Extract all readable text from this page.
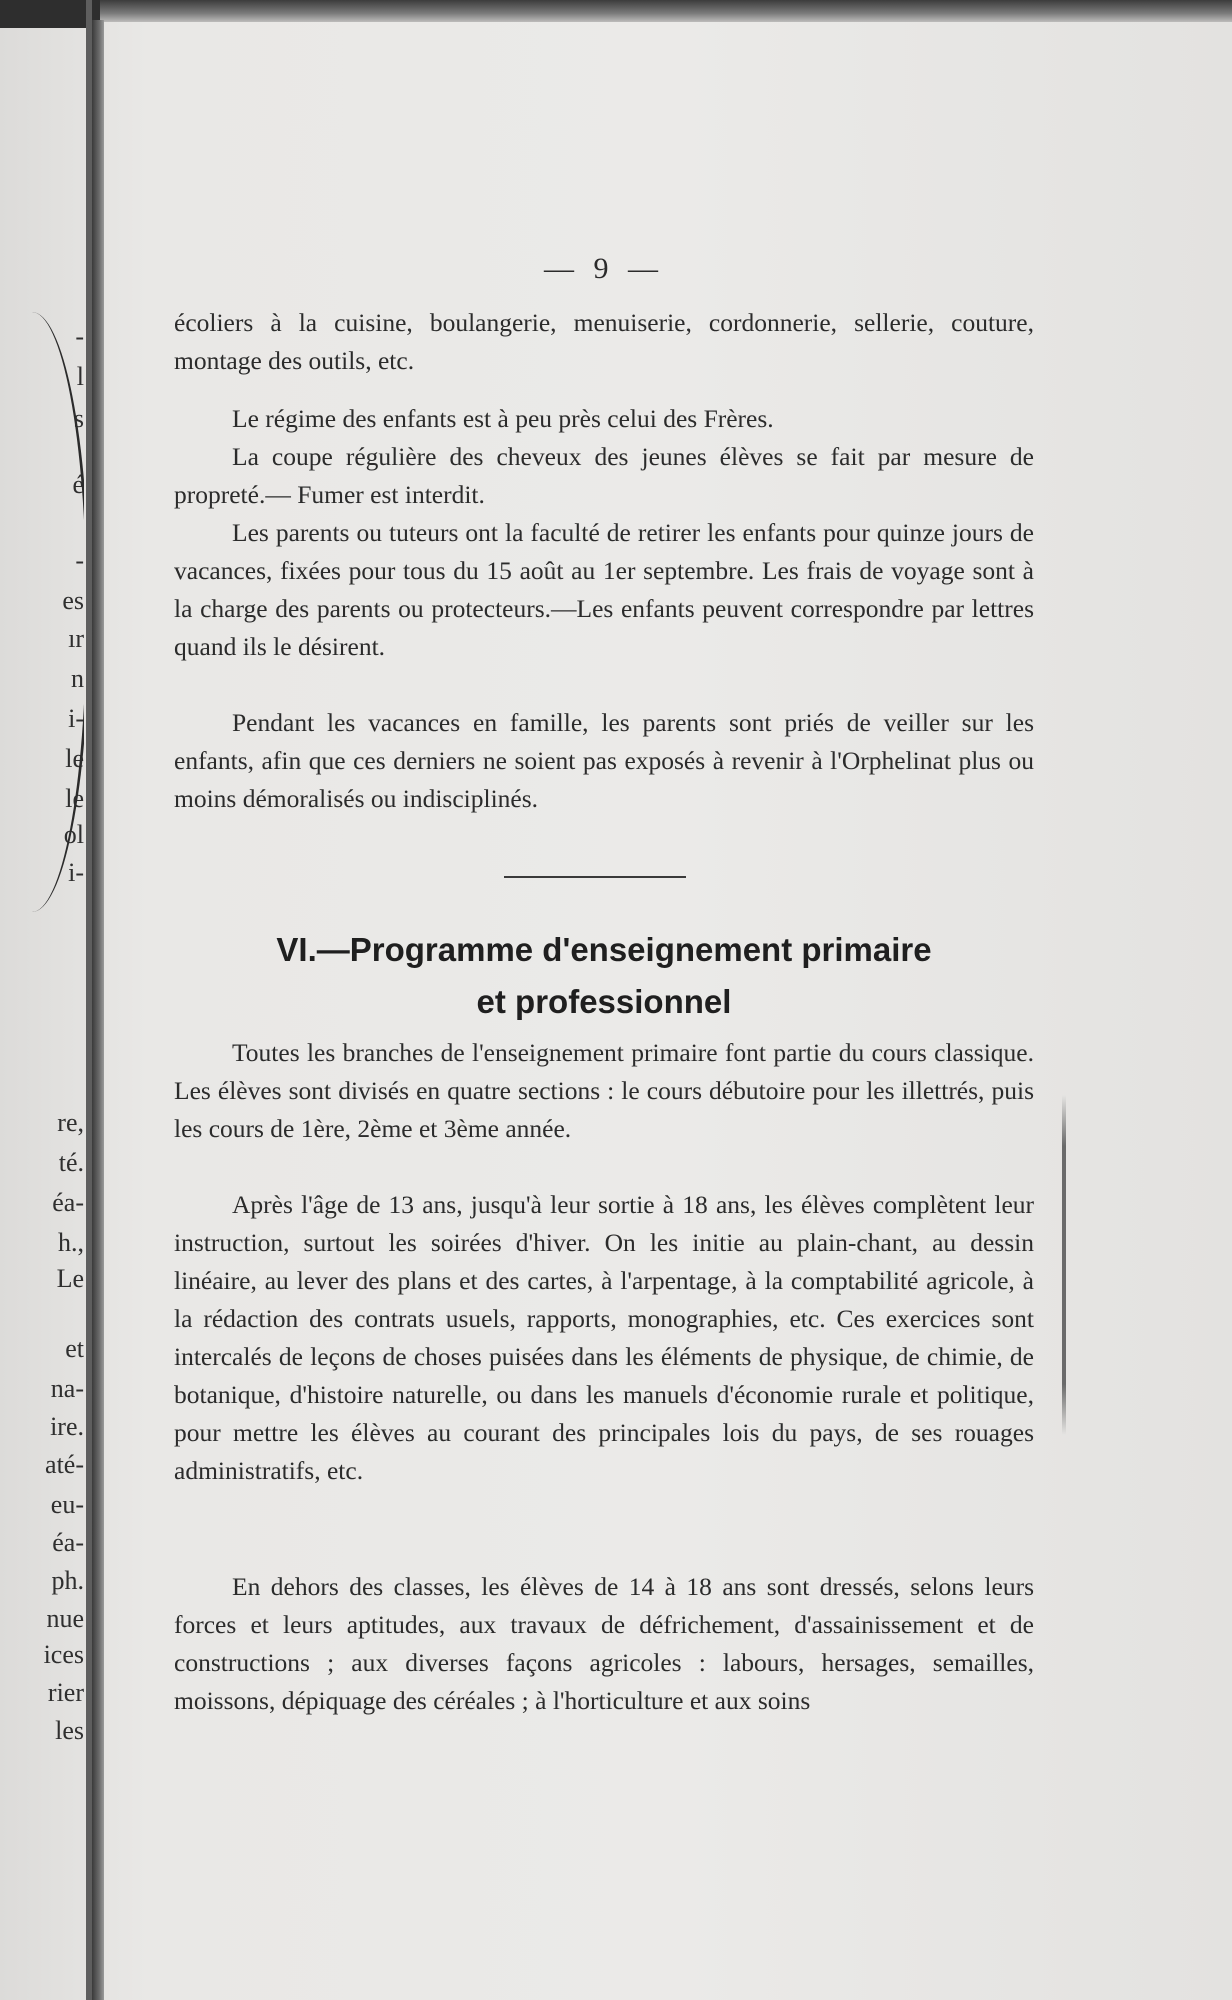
-
l
s
é
-
es
ır
n
i-
le
le
ol
i-
re,
té.
éa-
h.,
Le
et
na-
ire.
até-
eu-
éa-
ph.
nue
ices
rier
les
— 9 —

écoliers à la cuisine, boulangerie, menuiserie, cordonnerie, sellerie, couture, montage des outils, etc.

Le régime des enfants est à peu près celui des Frères.

La coupe régulière des cheveux des jeunes élèves se fait par mesure de propreté.— Fumer est interdit.

Les parents ou tuteurs ont la faculté de retirer les enfants pour quinze jours de vacances, fixées pour tous du 15 août au 1er septembre. Les frais de voyage sont à la charge des parents ou protecteurs.—Les enfants peuvent correspondre par lettres quand ils le désirent.

Pendant les vacances en famille, les parents sont priés de veiller sur les enfants, afin que ces derniers ne soient pas exposés à revenir à l'Orphelinat plus ou moins démoralisés ou indisciplinés.

VI.—Programme d'enseignement primaire
et professionnel

Toutes les branches de l'enseignement primaire font partie du cours classique. Les élèves sont divisés en quatre sections : le cours débutoire pour les illettrés, puis les cours de 1ère, 2ème et 3ème année.

Après l'âge de 13 ans, jusqu'à leur sortie à 18 ans, les élèves complètent leur instruction, surtout les soirées d'hiver. On les initie au plain-chant, au dessin linéaire, au lever des plans et des cartes, à l'arpentage, à la comptabilité agricole, à la rédaction des contrats usuels, rapports, monographies, etc. Ces exercices sont intercalés de leçons de choses puisées dans les éléments de physique, de chimie, de botanique, d'histoire naturelle, ou dans les manuels d'économie rurale et politique, pour mettre les élèves au courant des principales lois du pays, de ses rouages administratifs, etc.

En dehors des classes, les élèves de 14 à 18 ans sont dressés, selons leurs forces et leurs aptitudes, aux travaux de défrichement, d'assainissement et de constructions ; aux diverses façons agricoles : labours, hersages, semailles, moissons, dépiquage des céréales ; à l'horticulture et aux soins
